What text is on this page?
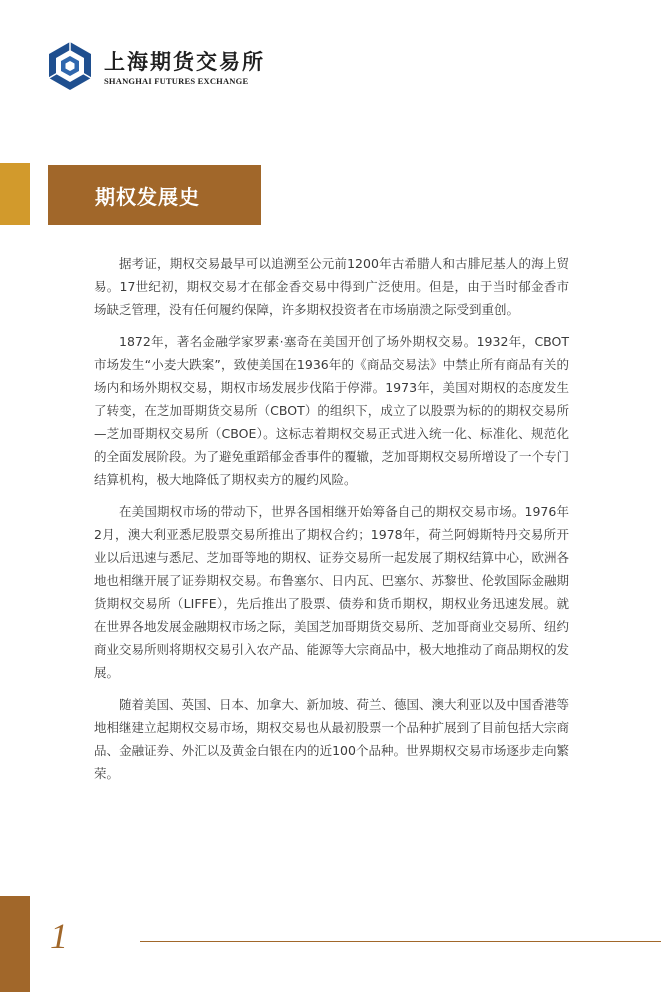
上海期货交易所
SHANGHAI FUTURES EXCHANGE
期权发展史

据考证，期权交易最早可以追溯至公元前1200年古希腊人和古腓尼基人的海上贸易。17世纪初，期权交易才在郁金香交易中得到广泛使用。但是，由于当时郁金香市场缺乏管理，没有任何履约保障，许多期权投资者在市场崩溃之际受到重创。

1872年，著名金融学家罗素·塞奇在美国开创了场外期权交易。1932年，CBOT市场发生“小麦大跌案”，致使美国在1936年的《商品交易法》中禁止所有商品有关的场内和场外期权交易，期权市场发展步伐陷于停滞。1973年，美国对期权的态度发生了转变，在芝加哥期货交易所（CBOT）的组织下，成立了以股票为标的的期权交易所—芝加哥期权交易所（CBOE）。这标志着期权交易正式进入统一化、标准化、规范化的全面发展阶段。为了避免重蹈郁金香事件的覆辙，芝加哥期权交易所增设了一个专门结算机构，极大地降低了期权卖方的履约风险。

在美国期权市场的带动下，世界各国相继开始筹备自己的期权交易市场。1976年2月，澳大利亚悉尼股票交易所推出了期权合约；1978年，荷兰阿姆斯特丹交易所开业以后迅速与悉尼、芝加哥等地的期权、证券交易所一起发展了期权结算中心，欧洲各地也相继开展了证券期权交易。布鲁塞尔、日内瓦、巴塞尔、苏黎世、伦敦国际金融期货期权交易所（LIFFE），先后推出了股票、债券和货币期权，期权业务迅速发展。就在世界各地发展金融期权市场之际，美国芝加哥期货交易所、芝加哥商业交易所、纽约商业交易所则将期权交易引入农产品、能源等大宗商品中，极大地推动了商品期权的发展。

随着美国、英国、日本、加拿大、新加坡、荷兰、德国、澳大利亚以及中国香港等地相继建立起期权交易市场，期权交易也从最初股票一个品种扩展到了目前包括大宗商品、金融证券、外汇以及黄金白银在内的近100个品种。世界期权交易市场逐步走向繁荣。

1
